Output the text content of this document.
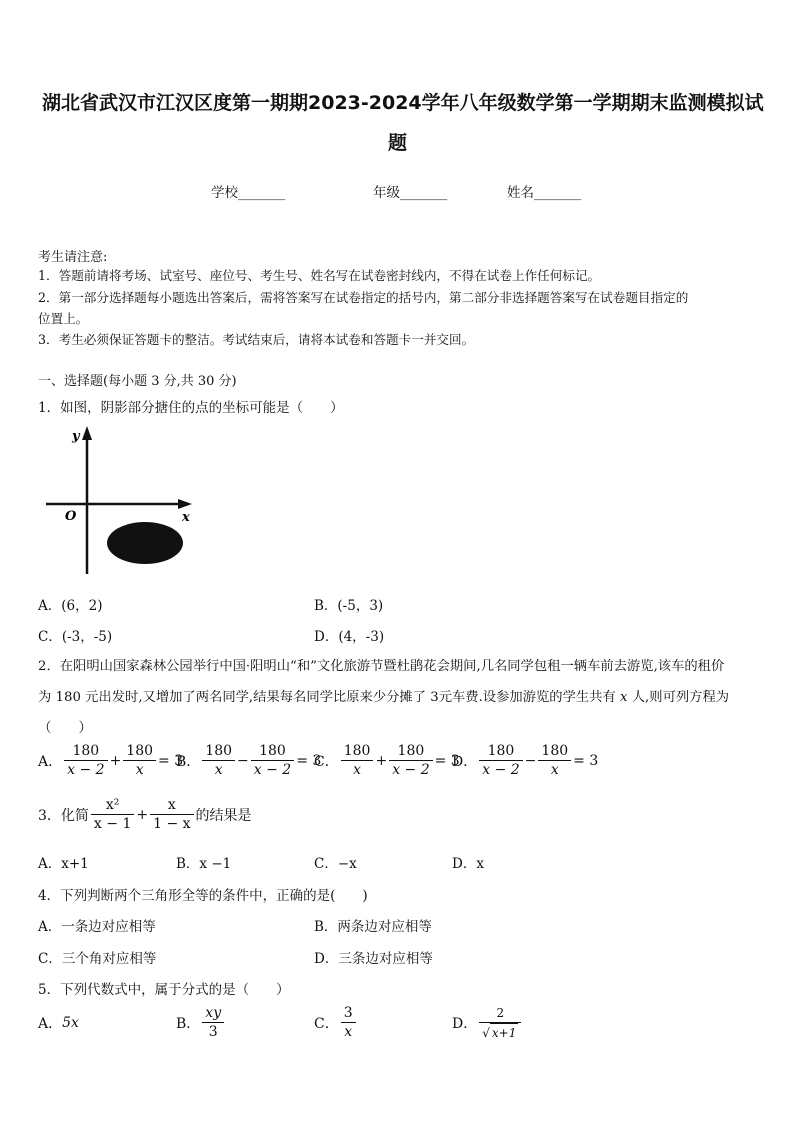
湖北省武汉市江汉区度第一期期2023-2024学年八年级数学第一学期期末监测模拟试
题
学校_______	年级_______	姓名_______
考生请注意:
1．答题前请将考场、试室号、座位号、考生号、姓名写在试卷密封线内，不得在试卷上作任何标记。
2．第一部分选择题每小题选出答案后，需将答案写在试卷指定的括号内，第二部分非选择题答案写在试卷题目指定的
位置上。
3．考生必须保证答题卡的整洁。考试结束后，请将本试卷和答题卡一并交回。
一、选择题(每小题 3 分,共 30 分)
1．如图，阴影部分搪住的点的坐标可能是（　　）
y
x
O
A．(6，2)	B．(-5，3)
C．(-3，-5)	D．(4，-3)
2．在阳明山国家森林公园举行中国·阳明山“和”文化旅游节暨杜鹃花会期间,几名同学包租一辆车前去游览,该车的租价
为 180 元出发时,又增加了两名同学,结果每名同学比原来少分摊了 3元车费.设参加游览的学生共有 x 人,则可列方程为
（　　）
A． $\frac{180}{x - 2} + \frac{180}{x} = 3$
B． $\frac{180}{x} - \frac{180}{x - 2} = 3$
C． $\frac{180}{x} + \frac{180}{x - 2} = 3$
D． $\frac{180}{x - 2} - \frac{180}{x} = 3$
3．化简 $\frac{\text{x²}}{x - 1} + \frac{x}{1 - x}$ 的结果是
A．x+1	B．x −1	C．−x	D．x
4．下列判断两个三角形全等的条件中，正确的是(　　)
A．一条边对应相等	B．两条边对应相等
C．三个角对应相等	D．三条边对应相等
5．下列代数式中，属于分式的是（　　）
A． 5x	B． $\frac{xy}{3}$	C． $\frac{3}{x}$	D． $\frac{2}{√ x+1}$
